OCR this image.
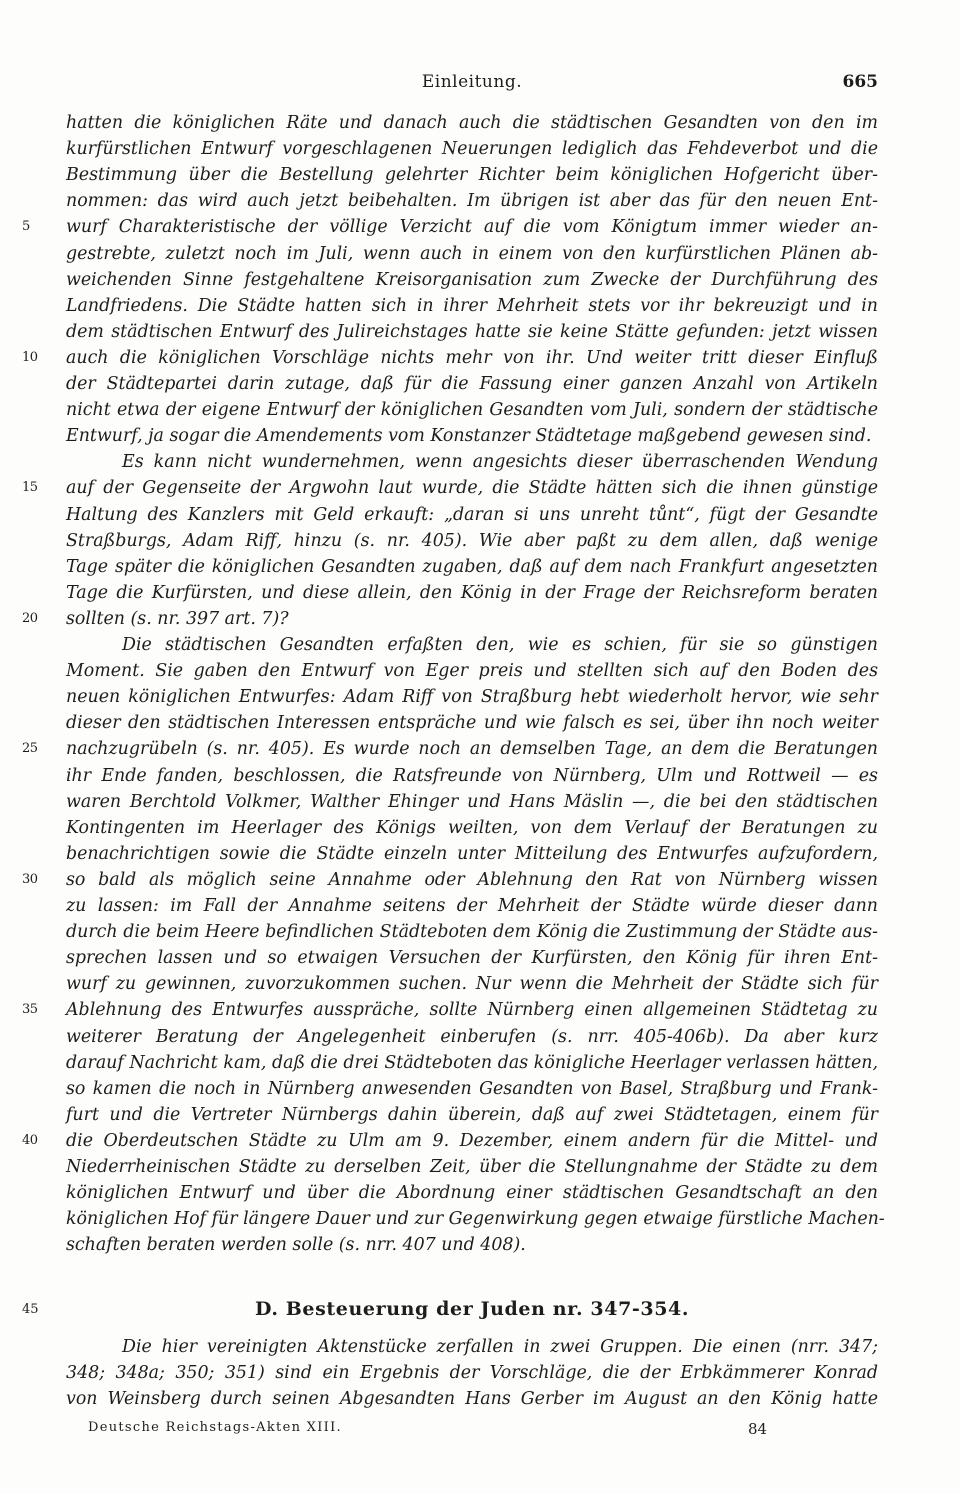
Einleitung.	665
hatten die königlichen Räte und danach auch die städtischen Gesandten von den im
kurfürstlichen Entwurf vorgeschlagenen Neuerungen lediglich das Fehdeverbot und die
Bestimmung über die Bestellung gelehrter Richter beim königlichen Hofgericht über-
nommen: das wird auch jetzt beibehalten. Im übrigen ist aber das für den neuen Ent-
5	wurf Charakteristische der völlige Verzicht auf die vom Königtum immer wieder an-
gestrebte, zuletzt noch im Juli, wenn auch in einem von den kurfürstlichen Plänen ab-
weichenden Sinne festgehaltene Kreisorganisation zum Zwecke der Durchführung des
Landfriedens. Die Städte hatten sich in ihrer Mehrheit stets vor ihr bekreuzigt und in
dem städtischen Entwurf des Julireichstages hatte sie keine Stätte gefunden: jetzt wissen
10	auch die königlichen Vorschläge nichts mehr von ihr. Und weiter tritt dieser Einfluß
der Städtepartei darin zutage, daß für die Fassung einer ganzen Anzahl von Artikeln
nicht etwa der eigene Entwurf der königlichen Gesandten vom Juli, sondern der städtische
Entwurf, ja sogar die Amendements vom Konstanzer Städtetage maßgebend gewesen sind.
Es kann nicht wundernehmen, wenn angesichts dieser überraschenden Wendung
15	auf der Gegenseite der Argwohn laut wurde, die Städte hätten sich die ihnen günstige
Haltung des Kanzlers mit Geld erkauft: „daran si uns unreht tůnt“, fügt der Gesandte
Straßburgs, Adam Riff, hinzu (s. nr. 405). Wie aber paßt zu dem allen, daß wenige
Tage später die königlichen Gesandten zugaben, daß auf dem nach Frankfurt angesetzten
Tage die Kurfürsten, und diese allein, den König in der Frage der Reichsreform beraten
20	sollten (s. nr. 397 art. 7)?
Die städtischen Gesandten erfaßten den, wie es schien, für sie so günstigen
Moment. Sie gaben den Entwurf von Eger preis und stellten sich auf den Boden des
neuen königlichen Entwurfes: Adam Riff von Straßburg hebt wiederholt hervor, wie sehr
dieser den städtischen Interessen entspräche und wie falsch es sei, über ihn noch weiter
25	nachzugrübeln (s. nr. 405). Es wurde noch an demselben Tage, an dem die Beratungen
ihr Ende fanden, beschlossen, die Ratsfreunde von Nürnberg, Ulm und Rottweil — es
waren Berchtold Volkmer, Walther Ehinger und Hans Mäslin —, die bei den städtischen
Kontingenten im Heerlager des Königs weilten, von dem Verlauf der Beratungen zu
benachrichtigen sowie die Städte einzeln unter Mitteilung des Entwurfes aufzufordern,
30	so bald als möglich seine Annahme oder Ablehnung den Rat von Nürnberg wissen
zu lassen: im Fall der Annahme seitens der Mehrheit der Städte würde dieser dann
durch die beim Heere befindlichen Städteboten dem König die Zustimmung der Städte aus-
sprechen lassen und so etwaigen Versuchen der Kurfürsten, den König für ihren Ent-
wurf zu gewinnen, zuvorzukommen suchen. Nur wenn die Mehrheit der Städte sich für
35	Ablehnung des Entwurfes ausspräche, sollte Nürnberg einen allgemeinen Städtetag zu
weiterer Beratung der Angelegenheit einberufen (s. nrr. 405-406b). Da aber kurz
darauf Nachricht kam, daß die drei Städteboten das königliche Heerlager verlassen hätten,
so kamen die noch in Nürnberg anwesenden Gesandten von Basel, Straßburg und Frank-
furt und die Vertreter Nürnbergs dahin überein, daß auf zwei Städtetagen, einem für
40	die Oberdeutschen Städte zu Ulm am 9. Dezember, einem andern für die Mittel- und
Niederrheinischen Städte zu derselben Zeit, über die Stellungnahme der Städte zu dem
königlichen Entwurf und über die Abordnung einer städtischen Gesandtschaft an den
königlichen Hof für längere Dauer und zur Gegenwirkung gegen etwaige fürstliche Machen-
schaften beraten werden solle (s. nrr. 407 und 408).
45	D. Besteuerung der Juden nr. 347-354.
Die hier vereinigten Aktenstücke zerfallen in zwei Gruppen. Die einen (nrr. 347;
348; 348a; 350; 351) sind ein Ergebnis der Vorschläge, die der Erbkämmerer Konrad
von Weinsberg durch seinen Abgesandten Hans Gerber im August an den König hatte
Deutsche Reichstags-Akten XIII.	84
